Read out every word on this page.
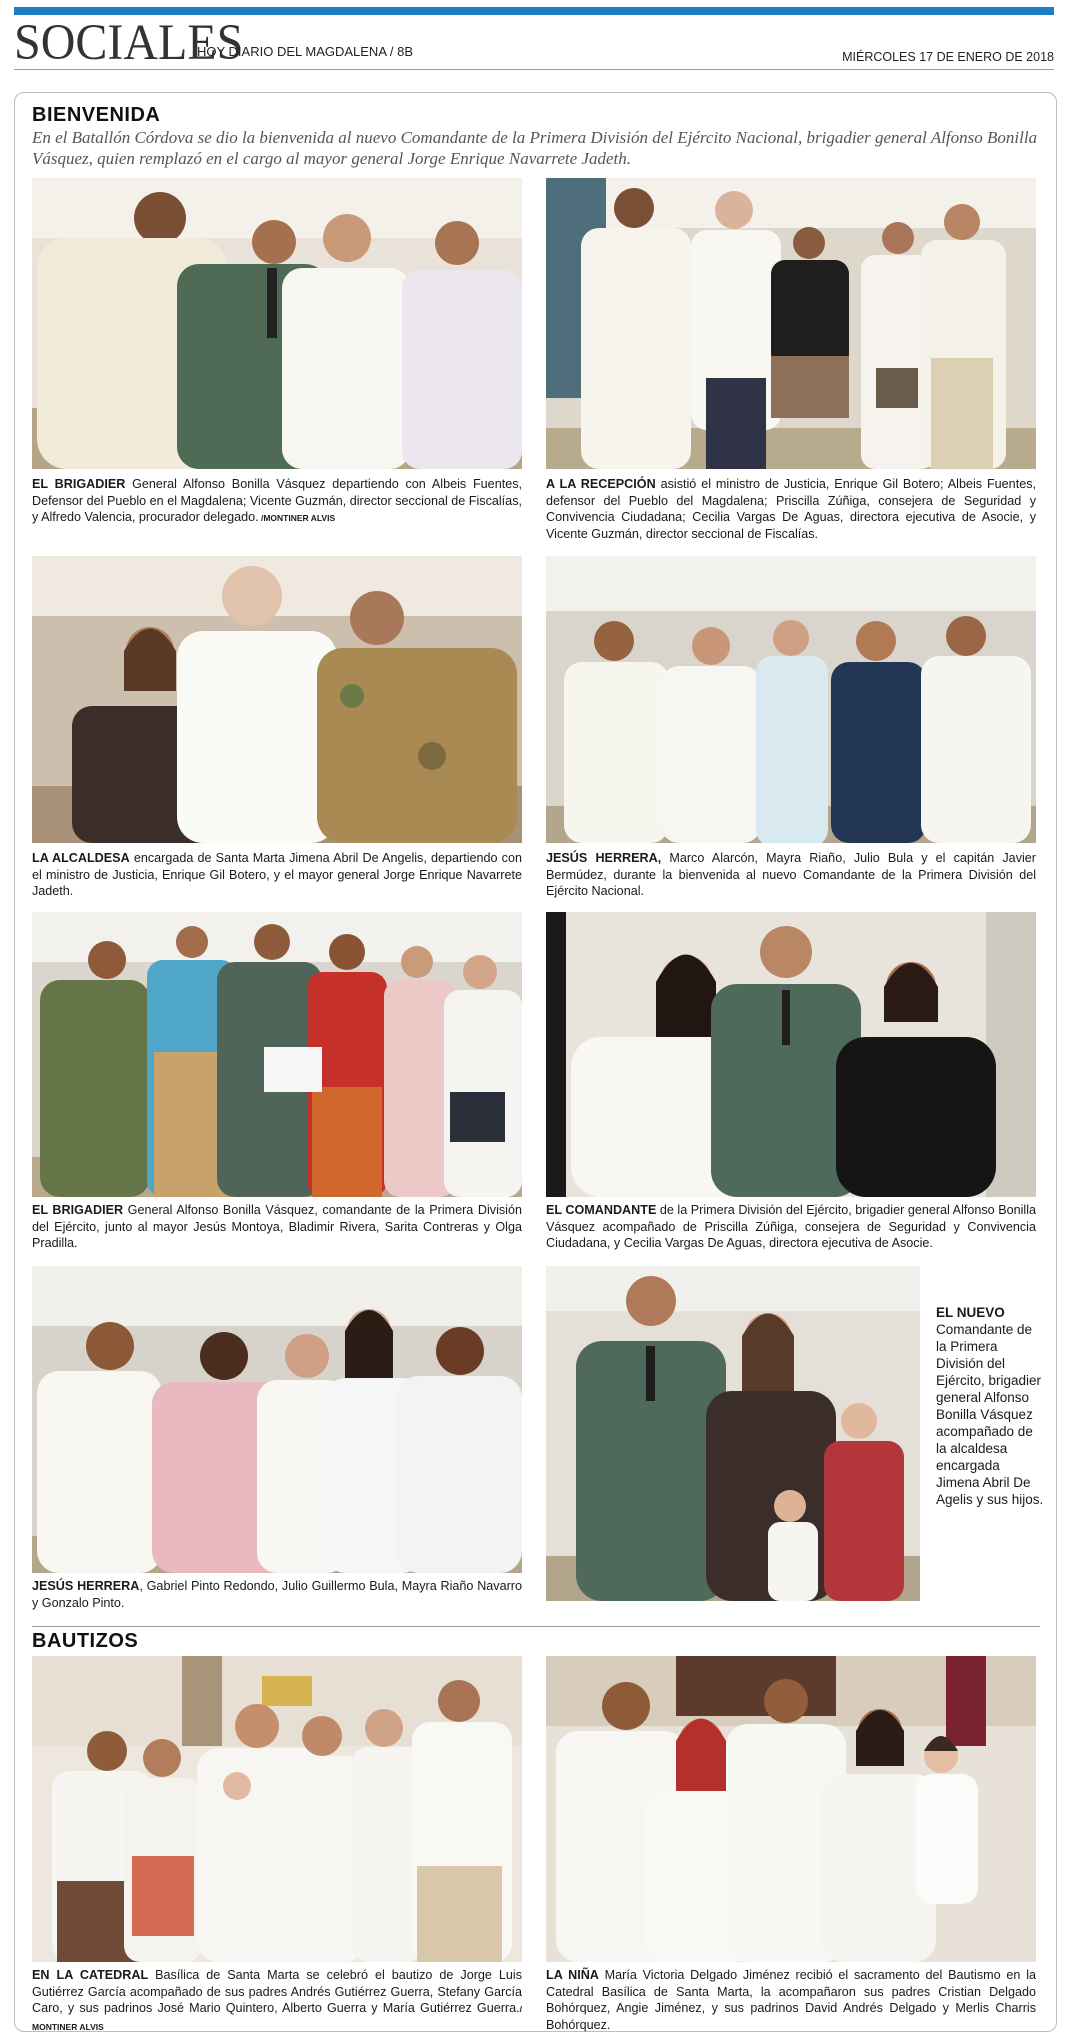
SOCIALES
HOY DIARIO DEL MAGDALENA / 8B	MIÉRCOLES 17 DE ENERO DE 2018
BIENVENIDA
En el Batallón Córdova se dio la bienvenida al nuevo Comandante de la Primera División del Ejército Nacional, brigadier general Alfonso Bonilla Vásquez, quien remplazó en el cargo al mayor general Jorge Enrique Navarrete Jadeth.
EL BRIGADIER General Alfonso Bonilla Vásquez departiendo con Albeis Fuentes, Defensor del Pueblo en el Magdalena; Vicente Guzmán, director seccional de Fiscalías, y Alfredo Valencia, procurador delegado. /MONTINER ALVIS
A LA RECEPCIÓN asistió el ministro de Justicia, Enrique Gil Botero; Albeis Fuentes, defensor del Pueblo del Magdalena; Priscilla Zúñiga, consejera de Seguridad y Convivencia Ciudadana; Cecilia Vargas De Aguas, directora ejecutiva de Asocie, y Vicente Guzmán, director seccional de Fiscalías.
LA ALCALDESA encargada de Santa Marta Jimena Abril De Angelis, departiendo con el ministro de Justicia, Enrique Gil Botero, y el mayor general Jorge Enrique Navarrete Jadeth.
JESÚS HERRERA, Marco Alarcón, Mayra Riaño, Julio Bula y el capitán Javier Bermúdez, durante la bienvenida al nuevo Comandante de la Primera División del Ejército Nacional.
EL BRIGADIER General Alfonso Bonilla Vásquez, comandante de la Primera División del Ejército, junto al mayor Jesús Montoya, Bladimir Rivera, Sarita Contreras y Olga Pradilla.
EL COMANDANTE de la Primera División del Ejército, brigadier general Alfonso Bonilla Vásquez acompañado de Priscilla Zúñiga, consejera de Seguridad y Convivencia Ciudadana, y Cecilia Vargas De Aguas, directora ejecutiva de Asocie.
JESÚS HERRERA, Gabriel Pinto Redondo, Julio Guillermo Bula, Mayra Riaño Navarro y Gonzalo Pinto.
EL NUEVO
Comandante de la Primera División del Ejército, brigadier general Alfonso Bonilla Vásquez acompañado de la alcaldesa encargada Jimena Abril De Agelis y sus hijos.
BAUTIZOS
EN LA CATEDRAL Basílica de Santa Marta se celebró el bautizo de Jorge Luis Gutiérrez García acompañado de sus padres Andrés Gutiérrez Guerra, Stefany García Caro, y sus padrinos José Mario Quintero, Alberto Guerra y María Gutiérrez Guerra./ MONTINER ALVIS
LA NIÑA María Victoria Delgado Jiménez recibió el sacramento del Bautismo en la Catedral Basílica de Santa Marta, la acompañaron sus padres Cristian Delgado Bohórquez, Angie Jiménez, y sus padrinos David Andrés Delgado y Merlis Charris Bohórquez.
